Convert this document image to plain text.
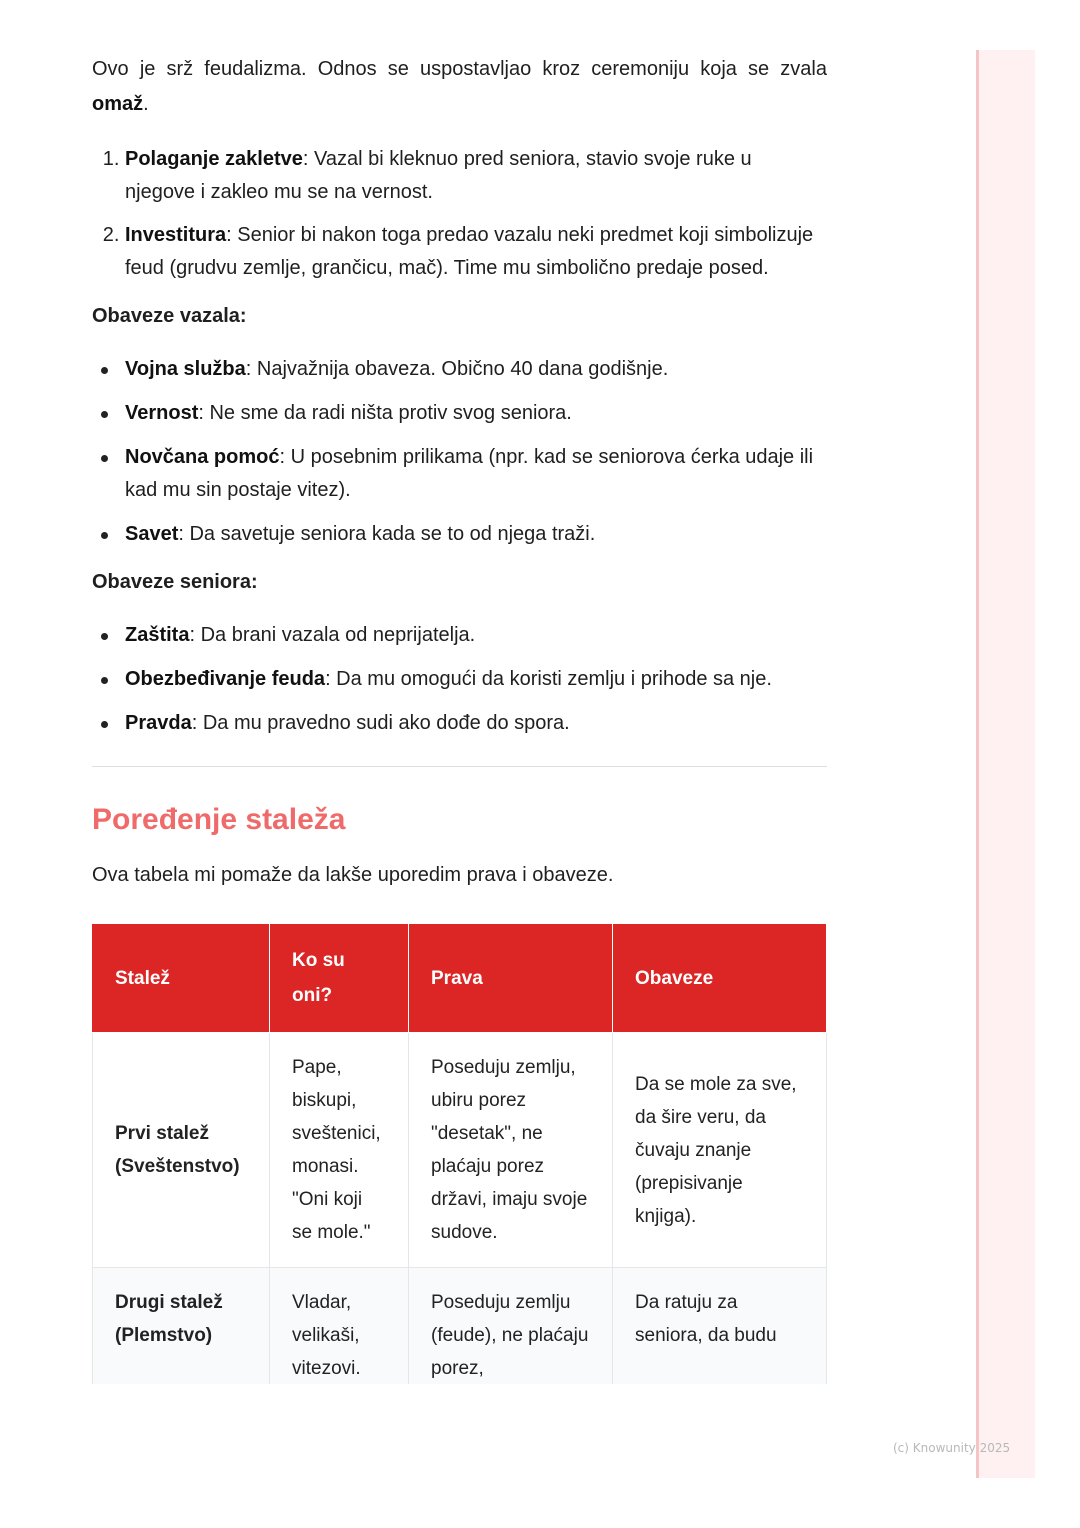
Ovo je srž feudalizma. Odnos se uspostavljao kroz ceremoniju koja se zvala omaž.

1. Polaganje zakletve: Vazal bi kleknuo pred seniora, stavio svoje ruke u njegove i zakleo mu se na vernost.
2. Investitura: Senior bi nakon toga predao vazalu neki predmet koji simbolizuje feud (grudvu zemlje, grančicu, mač). Time mu simbolično predaje posed.

Obaveze vazala:

Vojna služba: Najvažnija obaveza. Obično 40 dana godišnje.
Vernost: Ne sme da radi ništa protiv svog seniora.
Novčana pomoć: U posebnim prilikama (npr. kad se seniorova ćerka udaje ili kad mu sin postaje vitez).
Savet: Da savetuje seniora kada se to od njega traži.

Obaveze seniora:

Zaštita: Da brani vazala od neprijatelja.
Obezbeđivanje feuda: Da mu omogući da koristi zemlju i prihode sa nje.
Pravda: Da mu pravedno sudi ako dođe do spora.
Poređenje staleža

Ova tabela mi pomaže da lakše uporedim prava i obaveze.

Stalež	Ko su oni?	Prava	Obaveze
Prvi stalež (Sveštenstvo)	Pape, biskupi, sveštenici, monasi. "Oni koji se mole."	Poseduju zemlju, ubiru porez "desetak", ne plaćaju porez državi, imaju svoje sudove.	Da se mole za sve, da šire veru, da čuvaju znanje (prepisivanje knjiga).
Drugi stalež (Plemstvo)	Vladar, velikaši, vitezovi.	Poseduju zemlju (feude), ne plaćaju porez,	Da ratuju za seniora, da budu
(c) Knowunity 2025
